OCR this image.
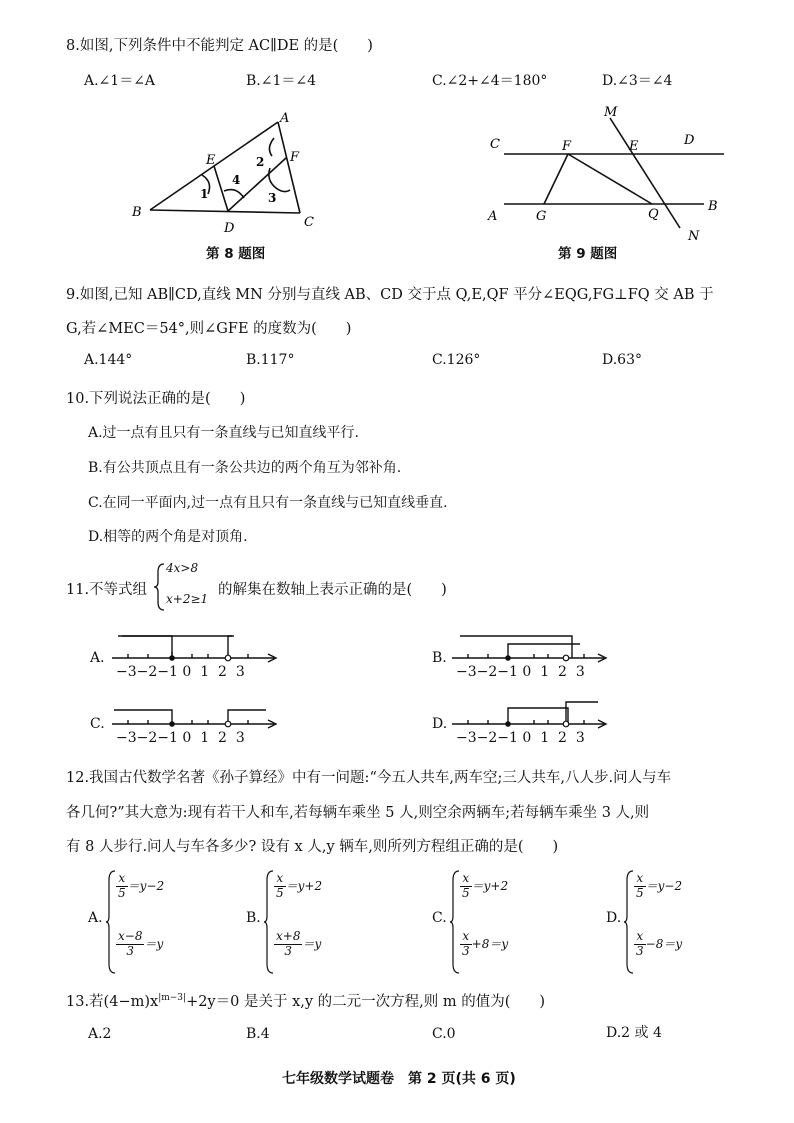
8.如图,下列条件中不能判定 AC∥DE 的是(　　)
A.∠1＝∠A	B.∠1＝∠4	C.∠2+∠4＝180°	D.∠3＝∠4
A
B
C
D
E	F
1
2
3
4
第 8 题图
M
E
C	F	D
A	G	Q
B
N
第 9 题图
9.如图,已知 AB∥CD,直线 MN 分别与直线 AB、CD 交于点 Q,E,QF 平分∠EQG,FG⊥FQ 交 AB 于
G,若∠MEC＝54°,则∠GFE 的度数为(　　)
A.144°	B.117°	C.126°	D.63°
10.下列说法正确的是(　　)
A.过一点有且只有一条直线与已知直线平行.
B.有公共顶点且有一条公共边的两个角互为邻补角.
C.在同一平面内,过一点有且只有一条直线与已知直线垂直.
D.相等的两个角是对顶角.
11.不等式组
4x>8
x+2≥1
的解集在数轴上表示正确的是(　　)
A.
−3−2−1 0 1 2 3
B.
−3−2−1 0 1 2 3
C.
−3−2−1 0 1 2 3
D.
−3−2−1 0 1 2 3
12.我国古代数学名著《孙子算经》中有一问题:“今五人共车,两车空;三人共车,八人步.问人与车
各几何?”其大意为:现有若干人和车,若每辆车乘坐 5 人,则空余两辆车;若每辆车乘坐 3 人,则
有 8 人步行.问人与车各多少? 设有 x 人,y 辆车,则所列方程组正确的是(　　)
A.
$\frac{x}{5} =y-2$
$\frac{x-8}{3} =y$
B.
$\frac{x}{5} =y+2$
$\frac{x+8}{3} =y$
C.
$\frac{x}{5} =y+2$
$\frac{x}{3} +8=y$
D.
$\frac{x}{5} =y-2$
$\frac{x}{3} -8=y$
13.若$(4-m)x^{|m-3|}+2y=0$ 是关于 x,y 的二元一次方程,则 m 的值为(　　)
A.2	B.4	C.0	D.2 或 4
七年级数学试题卷　第 2 页(共 6 页)
